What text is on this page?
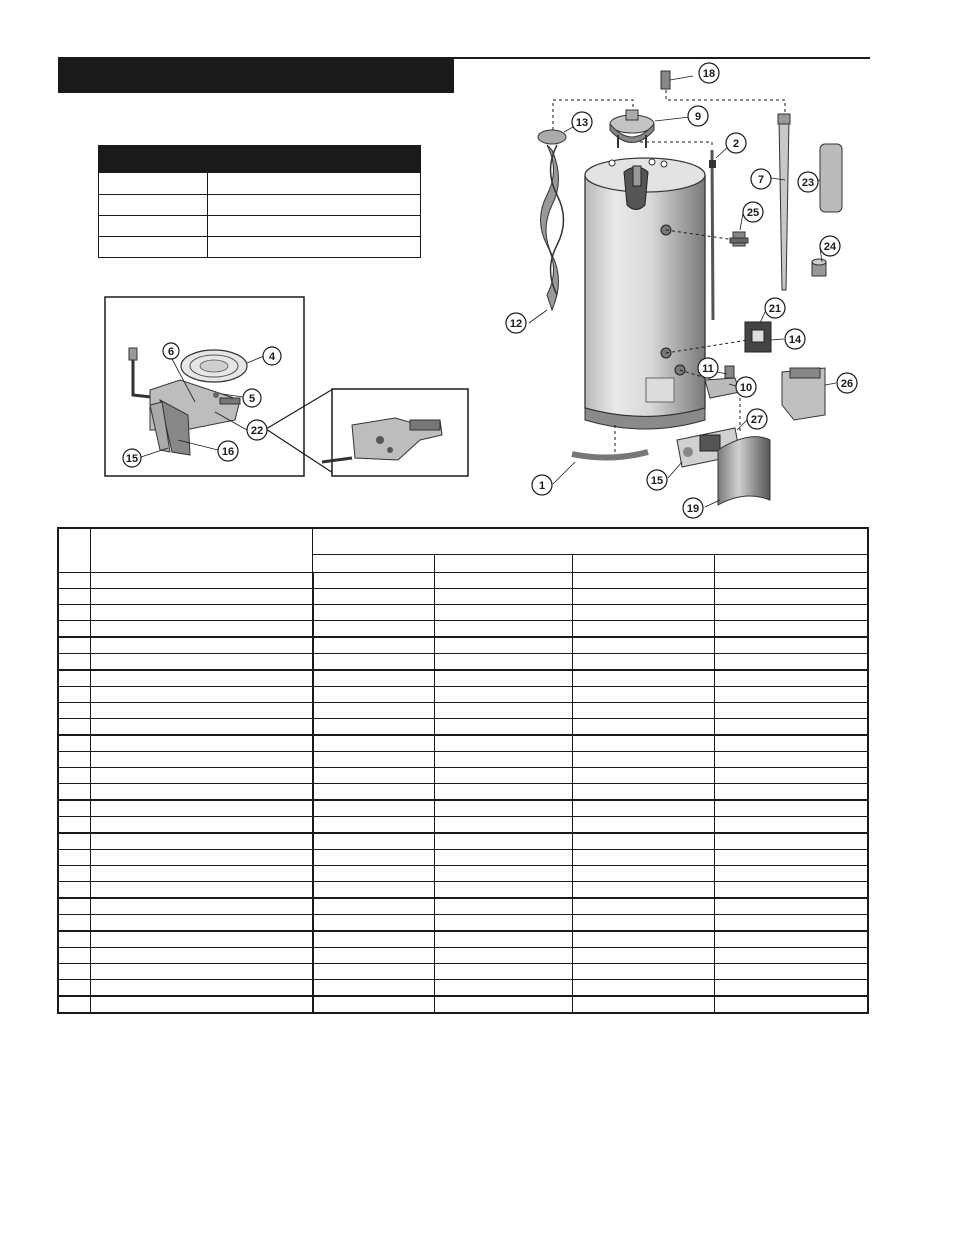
18
13	9
2
7	23
25
24
12
21
14
11
10	26
27
15
19
1
6	4
5
22
16
15
